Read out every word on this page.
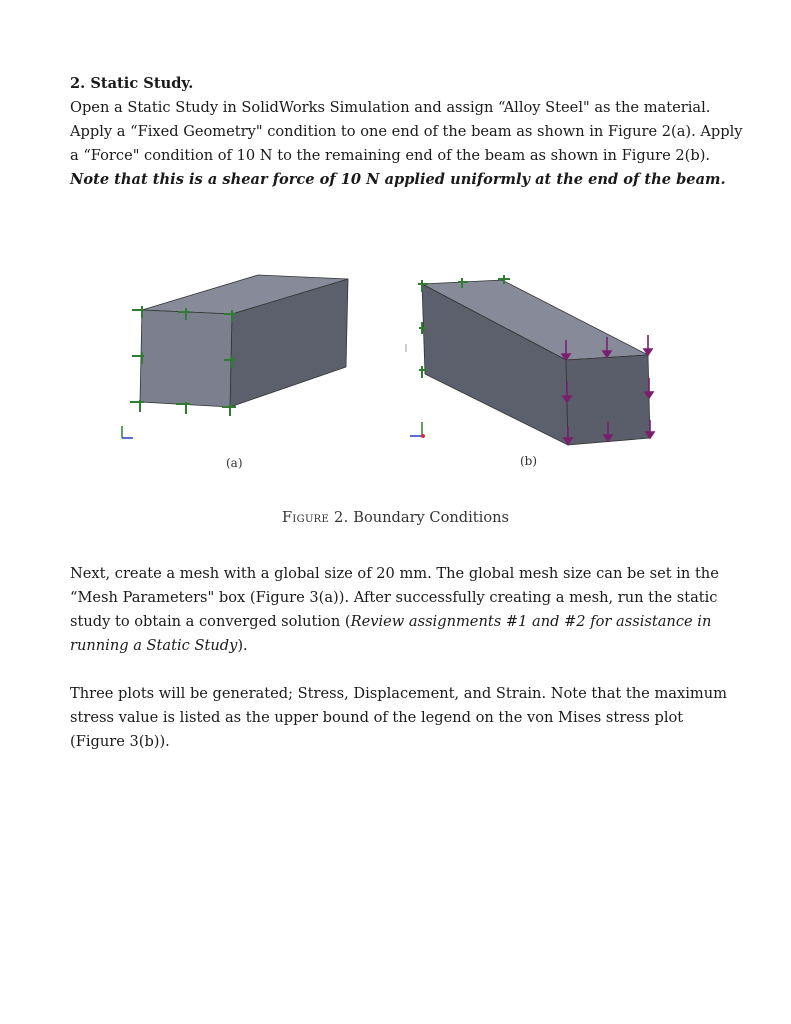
2. Static Study.
Open a Static Study in SolidWorks Simulation and assign “Alloy Steel" as the material.
Apply a “Fixed Geometry" condition to one end of the beam as shown in Figure 2(a). Apply
a “Force" condition of 10 N to the remaining end of the beam as shown in Figure 2(b).
Note that this is a shear force of 10 N applied uniformly at the end of the beam.
(a)	(b)
Figure 2. Boundary Conditions
Next, create a mesh with a global size of 20 mm. The global mesh size can be set in the
“Mesh Parameters" box (Figure 3(a)). After successfully creating a mesh, run the static
study to obtain a converged solution (Review assignments #1 and #2 for assistance in
running a Static Study).
Three plots will be generated; Stress, Displacement, and Strain. Note that the maximum
stress value is listed as the upper bound of the legend on the von Mises stress plot
(Figure 3(b)).
